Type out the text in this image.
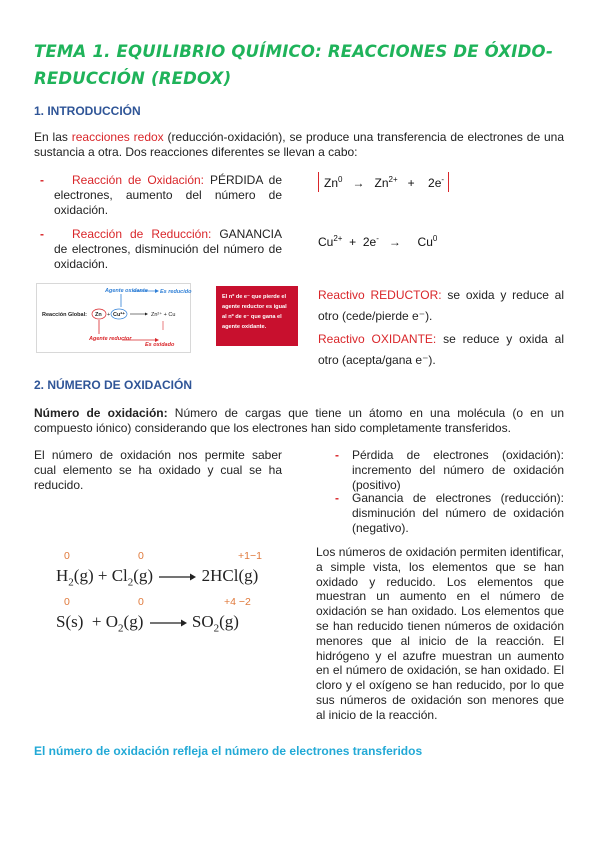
TEMA 1. EQUILIBRIO QUÍMICO: REACCIONES DE ÓXIDO- REDUCCIÓN (REDOX)
1. INTRODUCCIÓN
En las reacciones redox (reducción-oxidación), se produce una transferencia de electrones de una sustancia a otra. Dos reacciones diferentes se llevan a cabo:
- Reacción de Oxidación: PÉRDIDA de electrones, aumento del número de oxidación.
- Reacción de Reducción: GANANCIA de electrones, disminución del número de oxidación.
$Zn^0 \to Zn^{2+} + 2e^-$
$Cu^{2+} + 2e^- \to Cu^0$
Agente oxidante Es reducido
Reacción Global: Zn + Cu²⁺	Zn²⁺ + Cu
Agente reductor
Es oxidado
El nº de e⁻ que pierde el agente reductor es igual al nº de e⁻ que gana el agente oxidante.
Reactivo REDUCTOR: se oxida y reduce al otro (cede/pierde e⁻).
Reactivo OXIDANTE: se reduce y oxida al otro (acepta/gana e⁻).
2. NÚMERO DE OXIDACIÓN
Número de oxidación: Número de cargas que tiene un átomo en una molécula (o en un compuesto iónico) considerando que los electrones han sido completamente transferidos.
El número de oxidación nos permite saber cual elemento se ha oxidado y cual se ha reducido.
- Pérdida de electrones (oxidación): incremento del número de oxidación (positivo)
- Ganancia de electrones (reducción): disminución del número de oxidación (negativo).
0	0	+1−1
$H_2(g) + Cl_2(g)$	2HCl(g)
0	0	+4 −2
$S(s) + O_2(g)$	$SO_2(g)$
Los números de oxidación permiten identificar, a simple vista, los elementos que se han oxidado y reducido. Los elementos que muestran un aumento en el número de oxidación se han oxidado. Los elementos que se han reducido tienen números de oxidación menores que al inicio de la reacción. El hidrógeno y el azufre muestran un aumento en el número de oxidación, se han oxidado. El cloro y el oxígeno se han reducido, por lo que sus números de oxidación son menores que al inicio de la reacción.
El número de oxidación refleja el número de electrones transferidos
